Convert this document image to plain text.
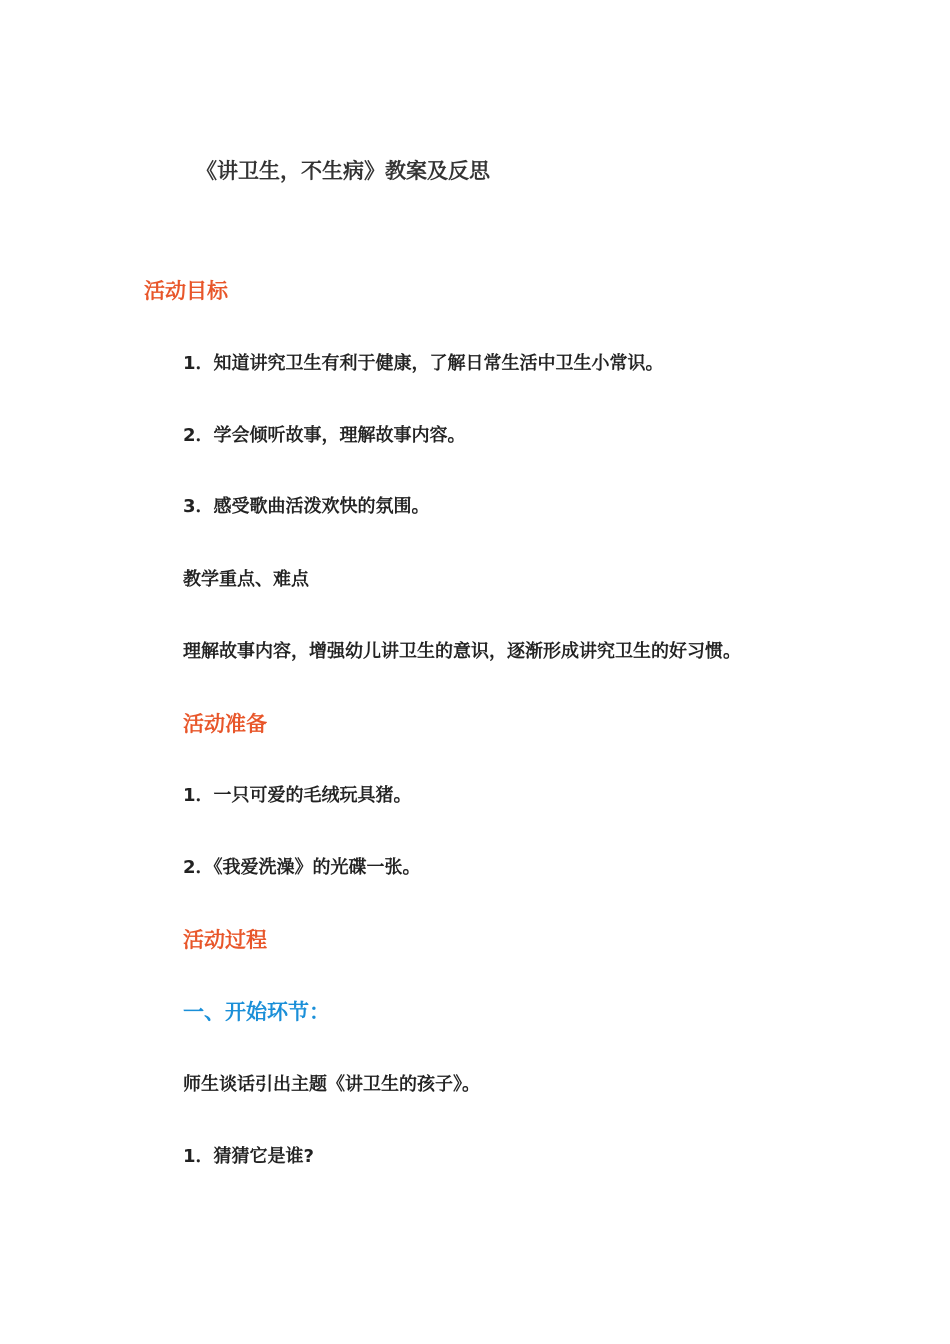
《讲卫生，不生病》教案及反思
活动目标
1．知道讲究卫生有利于健康，了解日常生活中卫生小常识。
2．学会倾听故事，理解故事内容。
3．感受歌曲活泼欢快的氛围。
教学重点、难点
理解故事内容，增强幼儿讲卫生的意识，逐渐形成讲究卫生的好习惯。
活动准备
1．一只可爱的毛绒玩具猪。
2．《我爱洗澡》的光碟一张。
活动过程
一、开始环节：
师生谈话引出主题《讲卫生的孩子》。
1．猜猜它是谁?
